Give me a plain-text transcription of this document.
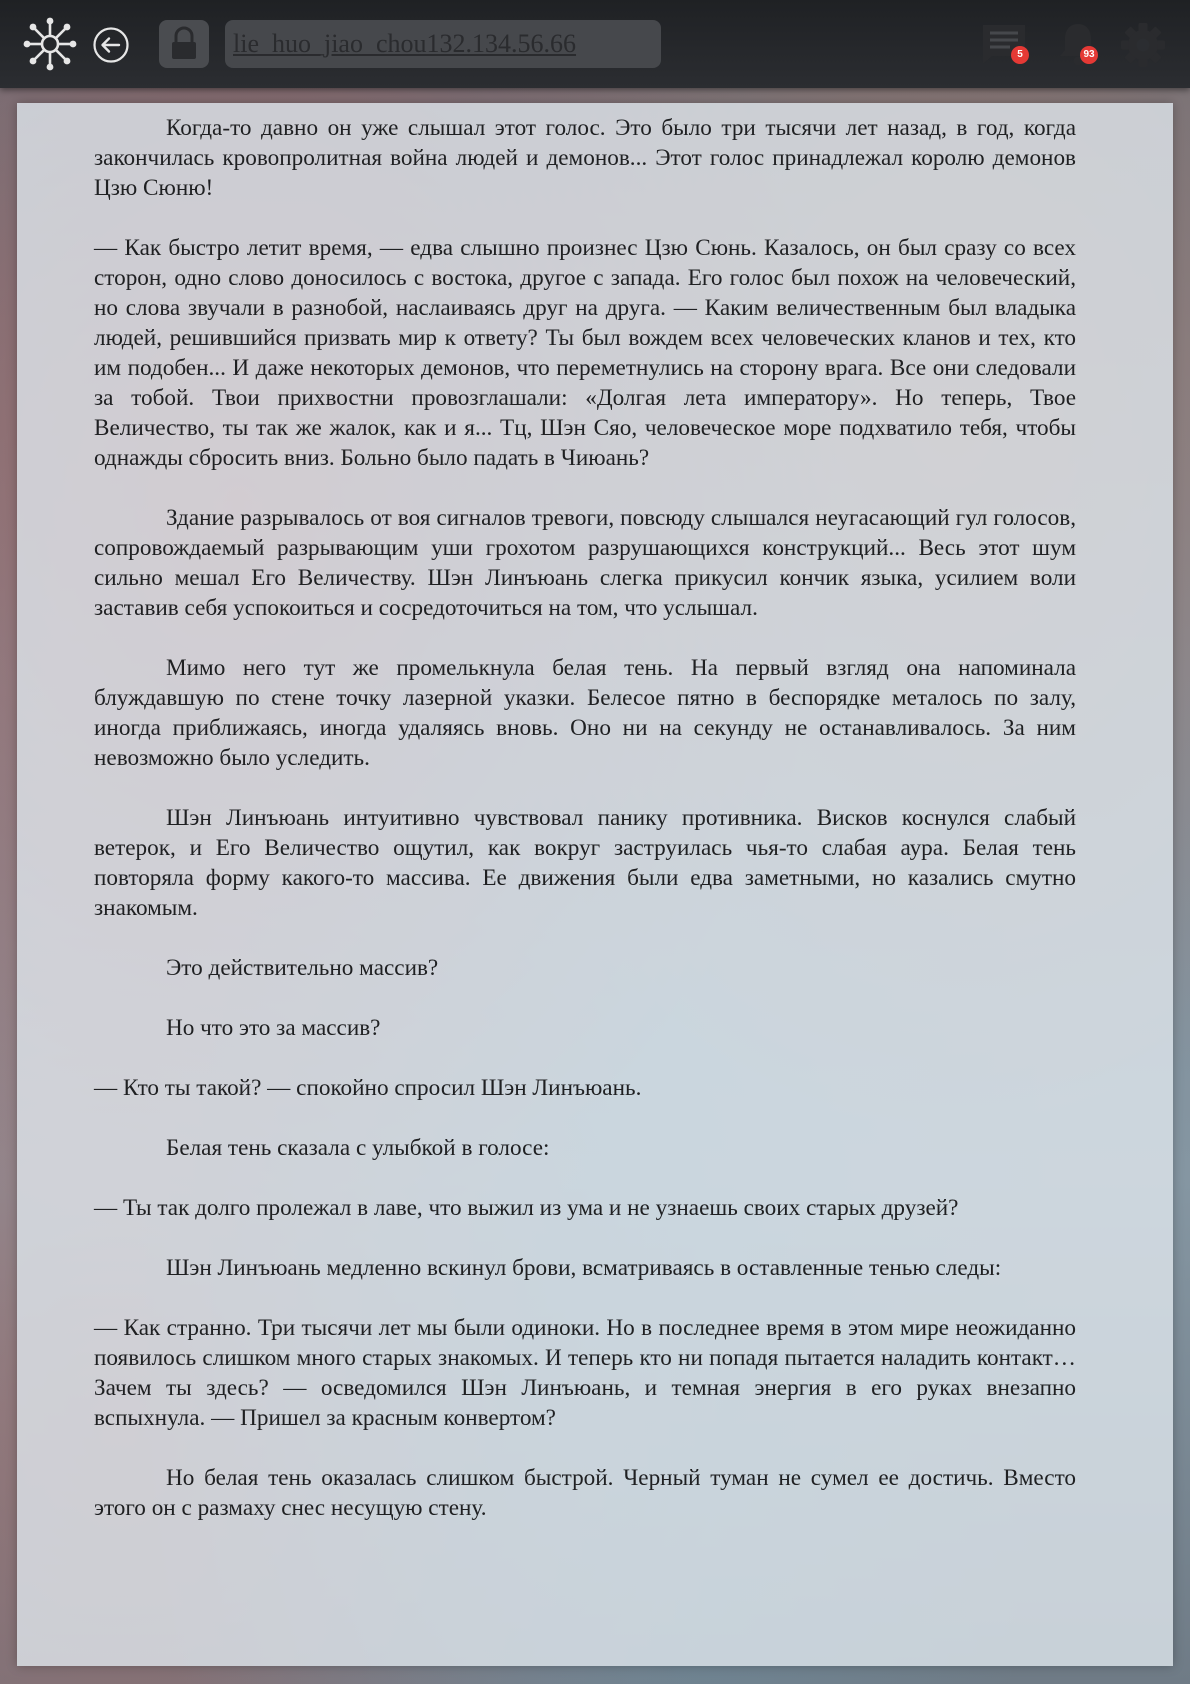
lie_huo_jiao_chou132.134.56.66
5	93

Когда-то давно он уже слышал этот голос. Это было три тысячи лет назад, в год, когда закончилась кровопролитная война людей и демонов... Этот голос принадлежал королю демонов Цзю Сюню!

— Как быстро летит время, — едва слышно произнес Цзю Сюнь. Казалось, он был сразу со всех сторон, одно слово доносилось с востока, другое с запада. Его голос был похож на человеческий, но слова звучали в разнобой, наслаиваясь друг на друга. — Каким величественным был владыка людей, решившийся призвать мир к ответу? Ты был вождем всех человеческих кланов и тех, кто им подобен... И даже некоторых демонов, что переметнулись на сторону врага. Все они следовали за тобой. Твои прихвостни провозглашали: «Долгая лета императору». Но теперь, Твое Величество, ты так же жалок, как и я... Тц, Шэн Сяо, человеческое море подхватило тебя, чтобы однажды сбросить вниз. Больно было падать в Чиюань?

Здание разрывалось от воя сигналов тревоги, повсюду слышался неугасающий гул голосов, сопровождаемый разрывающим уши грохотом разрушающихся конструкций... Весь этот шум сильно мешал Его Величеству. Шэн Линъюань слегка прикусил кончик языка, усилием воли заставив себя успокоиться и сосредоточиться на том, что услышал.

Мимо него тут же промелькнула белая тень. На первый взгляд она напоминала блуждавшую по стене точку лазерной указки. Белесое пятно в беспорядке металось по залу, иногда приближаясь, иногда удаляясь вновь. Оно ни на секунду не останавливалось. За ним невозможно было уследить.

Шэн Линъюань интуитивно чувствовал панику противника. Висков коснулся слабый ветерок, и Его Величество ощутил, как вокруг заструилась чья-то слабая аура. Белая тень повторяла форму какого-то массива. Ее движения были едва заметными, но казались смутно знакомым.

Это действительно массив?

Но что это за массив?

— Кто ты такой? — спокойно спросил Шэн Линъюань.

Белая тень сказала с улыбкой в голосе:

— Ты так долго пролежал в лаве, что выжил из ума и не узнаешь своих старых друзей?

Шэн Линъюань медленно вскинул брови, всматриваясь в оставленные тенью следы:

— Как странно. Три тысячи лет мы были одиноки. Но в последнее время в этом мире неожиданно появилось слишком много старых знакомых. И теперь кто ни попадя пытается наладить контакт… Зачем ты здесь? — осведомился Шэн Линъюань, и темная энергия в его руках внезапно вспыхнула. — Пришел за красным конвертом?

Но белая тень оказалась слишком быстрой. Черный туман не сумел ее достичь. Вместо этого он с размаху снес несущую стену.
